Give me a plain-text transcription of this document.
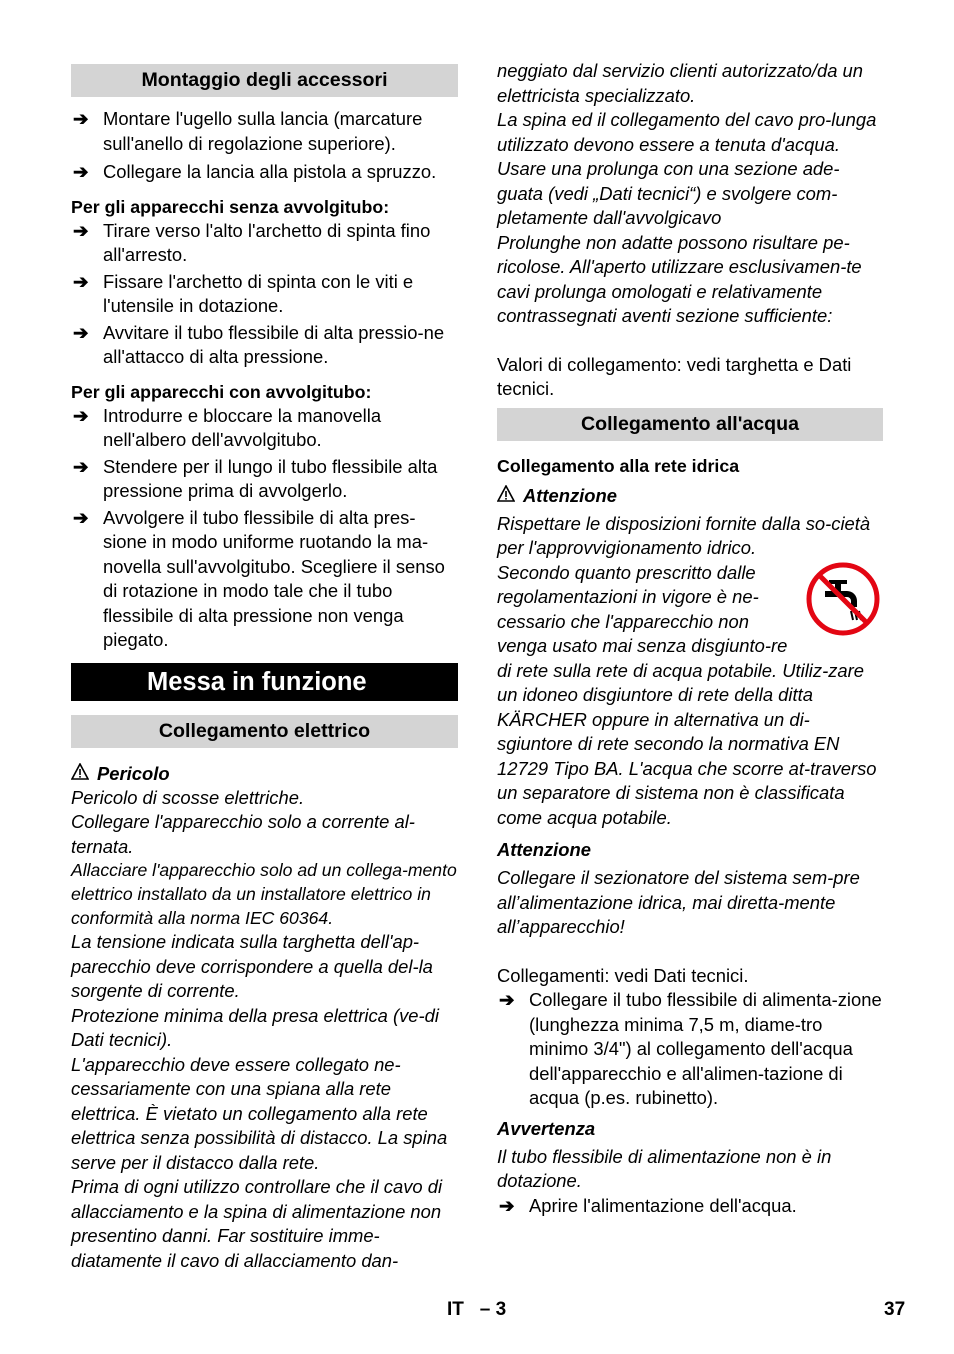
Montaggio degli accessori
➔ Montare l'ugello sulla lancia (marcature sull'anello di regolazione superiore).
➔ Collegare la lancia alla pistola a spruzzo.
Per gli apparecchi senza avvolgitubo:
➔ Tirare verso l'alto l'archetto di spinta fino all'arresto.
➔ Fissare l'archetto di spinta con le viti e l'utensile in dotazione.
➔ Avvitare il tubo flessibile di alta pressio-ne all'attacco di alta pressione.
Per gli apparecchi con avvolgitubo:
➔ Introdurre e bloccare la manovella nell'albero dell'avvolgitubo.
➔ Stendere per il lungo il tubo flessibile alta pressione prima di avvolgerlo.
➔ Avvolgere il tubo flessibile di alta pres-sione in modo uniforme ruotando la ma-novella sull'avvolgitubo. Scegliere il senso di rotazione in modo tale che il tubo flessibile di alta pressione non venga piegato.
Messa in funzione
Collegamento elettrico
Pericolo
Pericolo di scosse elettriche.
Collegare l'apparecchio solo a corrente al-ternata.
Allacciare l'apparecchio solo ad un collega-mento elettrico installato da un installatore elettrico in conformità alla norma IEC 60364.
La tensione indicata sulla targhetta dell'ap-parecchio deve corrispondere a quella del-la sorgente di corrente.
Protezione minima della presa elettrica (ve-di Dati tecnici).
L'apparecchio deve essere collegato ne-cessariamente con una spiana alla rete elettrica. È vietato un collegamento alla rete elettrica senza possibilità di distacco. La spina serve per il distacco dalla rete.
Prima di ogni utilizzo controllare che il cavo di allacciamento e la spina di alimentazione non presentino danni. Far sostituire imme-diatamente il cavo di allacciamento dan-
neggiato dal servizio clienti autorizzato/da un elettricista specializzato.
La spina ed il collegamento del cavo pro-lunga utilizzato devono essere a tenuta d'acqua.
Usare una prolunga con una sezione ade-guata (vedi „Dati tecnici“) e svolgere com-pletamente dall'avvolgicavo
Prolunghe non adatte possono risultare pe-ricolose. All'aperto utilizzare esclusivamen-te cavi prolunga omologati e relativamente contrassegnati aventi sezione sufficiente:
Valori di collegamento: vedi targhetta e Dati tecnici.
Collegamento all'acqua
Collegamento alla rete idrica
Attenzione
Rispettare le disposizioni fornite dalla so-cietà per l'approvvigionamento idrico.
Secondo quanto prescritto dalle regolamentazioni in vigore è ne-cessario che l'apparecchio non venga usato mai senza disgiunto-re di rete sulla rete di acqua potabile. Utiliz-zare un idoneo disgiuntore di rete della ditta KÄRCHER oppure in alternativa un di-sgiuntore di rete secondo la normativa EN 12729 Tipo BA. L'acqua che scorre at-traverso un separatore di sistema non è classificata come acqua potabile.
Attenzione
Collegare il sezionatore del sistema sem-pre all’alimentazione idrica, mai diretta-mente all’apparecchio!
Collegamenti: vedi Dati tecnici.
➔ Collegare il tubo flessibile di alimenta-zione (lunghezza minima 7,5 m, diame-tro minimo 3/4") al collegamento dell'acqua dell'apparecchio e all'alimen-tazione di acqua (p.es. rubinetto).
Avvertenza
Il tubo flessibile di alimentazione non è in dotazione.
➔ Aprire l'alimentazione dell'acqua.
IT – 3	37
